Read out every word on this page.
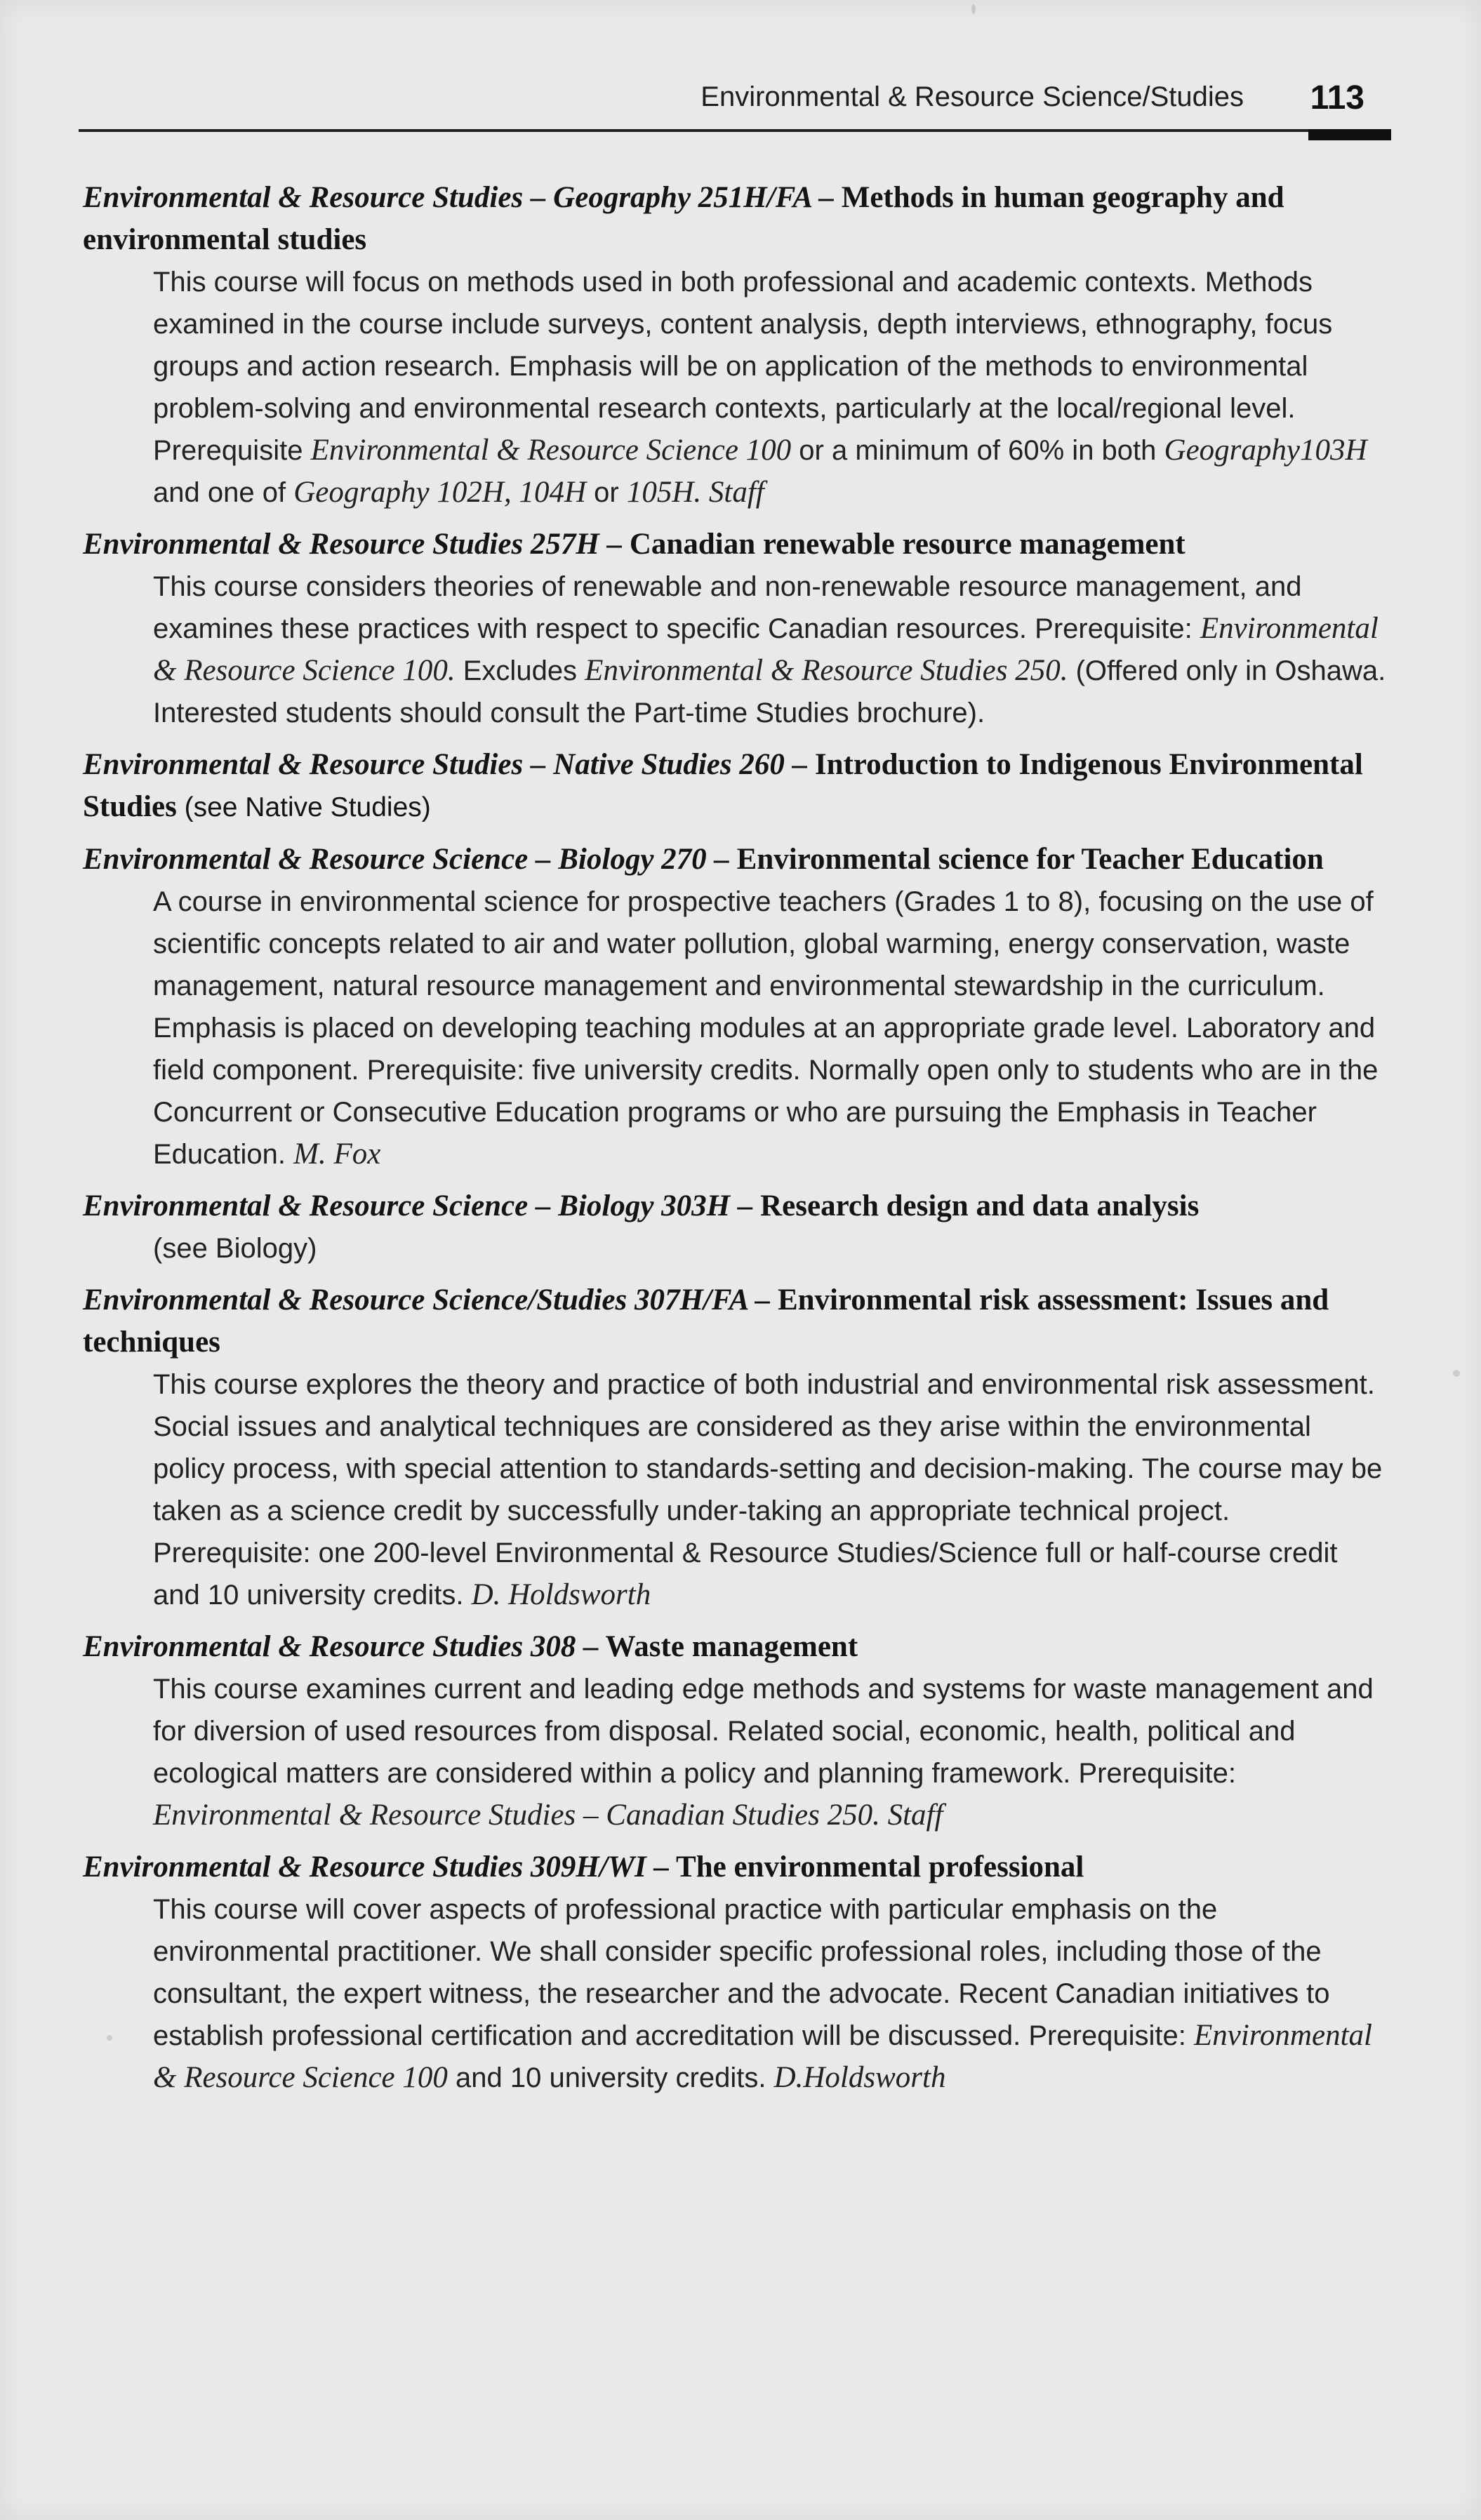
Environmental & Resource Science/Studies 113
Environmental & Resource Studies – Geography 251H/FA – Methods in human geography and environmental studies
This course will focus on methods used in both professional and academic contexts. Methods examined in the course include surveys, content analysis, depth interviews, ethnography, focus groups and action research. Emphasis will be on application of the methods to environmental problem-solving and environmental research contexts, particularly at the local/regional level. Prerequisite Environmental & Resource Science 100 or a minimum of 60% in both Geography103H and one of Geography 102H, 104H or 105H. Staff
Environmental & Resource Studies 257H – Canadian renewable resource management
This course considers theories of renewable and non-renewable resource management, and examines these practices with respect to specific Canadian resources. Prerequisite: Environmental & Resource Science 100. Excludes Environmental & Resource Studies 250. (Offered only in Oshawa. Interested students should consult the Part-time Studies brochure).
Environmental & Resource Studies – Native Studies 260 – Introduction to Indigenous Environmental Studies (see Native Studies)
Environmental & Resource Science – Biology 270 – Environmental science for Teacher Education
A course in environmental science for prospective teachers (Grades 1 to 8), focusing on the use of scientific concepts related to air and water pollution, global warming, energy conservation, waste management, natural resource management and environmental stewardship in the curriculum. Emphasis is placed on developing teaching modules at an appropriate grade level. Laboratory and field component. Prerequisite: five university credits. Normally open only to students who are in the Concurrent or Consecutive Education programs or who are pursuing the Emphasis in Teacher Education. M. Fox
Environmental & Resource Science – Biology 303H – Research design and data analysis
(see Biology)
Environmental & Resource Science/Studies 307H/FA – Environmental risk assessment: Issues and techniques
This course explores the theory and practice of both industrial and environmental risk assessment. Social issues and analytical techniques are considered as they arise within the environmental policy process, with special attention to standards-setting and decision-making. The course may be taken as a science credit by successfully under-taking an appropriate technical project. Prerequisite: one 200-level Environmental & Resource Studies/Science full or half-course credit and 10 university credits. D. Holdsworth
Environmental & Resource Studies 308 – Waste management
This course examines current and leading edge methods and systems for waste management and for diversion of used resources from disposal. Related social, economic, health, political and ecological matters are considered within a policy and planning framework. Prerequisite: Environmental & Resource Studies – Canadian Studies 250. Staff
Environmental & Resource Studies 309H/WI – The environmental professional
This course will cover aspects of professional practice with particular emphasis on the environmental practitioner. We shall consider specific professional roles, including those of the consultant, the expert witness, the researcher and the advocate. Recent Canadian initiatives to establish professional certification and accreditation will be discussed. Prerequisite: Environmental & Resource Science 100 and 10 university credits. D.Holdsworth
